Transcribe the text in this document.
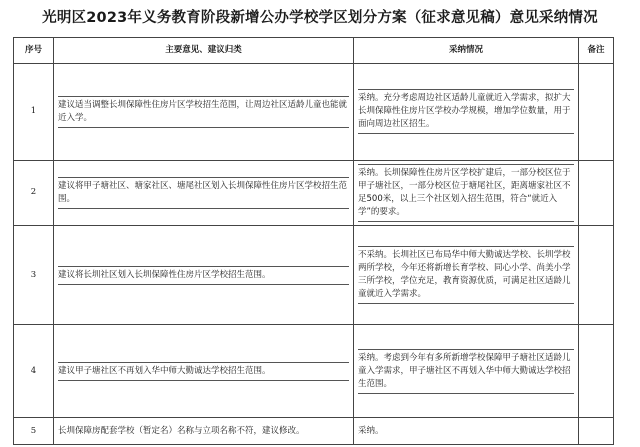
光明区2023年义务教育阶段新增公办学校学区划分方案（征求意见稿）意见采纳情况
序号	主要意见、建议归类	采纳情况	备注
1	建议适当调整长圳保障性住房片区学校招生范围，让周边社区适龄儿童也能就近入学。	采纳。充分考虑周边社区适龄儿童就近入学需求，拟扩大长圳保障性住房片区学校办学规模，增加学位数量，用于面向周边社区招生。	

2	建议将甲子塘社区、塘家社区、塘尾社区划入长圳保障性住房片区学校招生范围。	采纳。长圳保障性住房片区学校扩建后，一部分校区位于甲子塘社区，一部分校区位于塘尾社区，距离塘家社区不足500米，以上三个社区划入招生范围，符合“就近入学”的要求。	

3	建议将长圳社区划入长圳保障性住房片区学校招生范围。	不采纳。长圳社区已布局华中师大勤诚达学校、长圳学校两所学校，今年还将新增长育学校、同心小学、尚美小学三所学校，学位充足，教育资源优质，可满足社区适龄儿童就近入学需求。	

4	建议甲子塘社区不再划入华中师大勤诚达学校招生范围。	采纳。考虑到今年有多所新增学校保障甲子塘社区适龄儿童入学需求，甲子塘社区不再划入华中师大勤诚达学校招生范围。	

5	长圳保障房配套学校（暂定名）名称与立项名称不符，建议修改。	采纳。	
